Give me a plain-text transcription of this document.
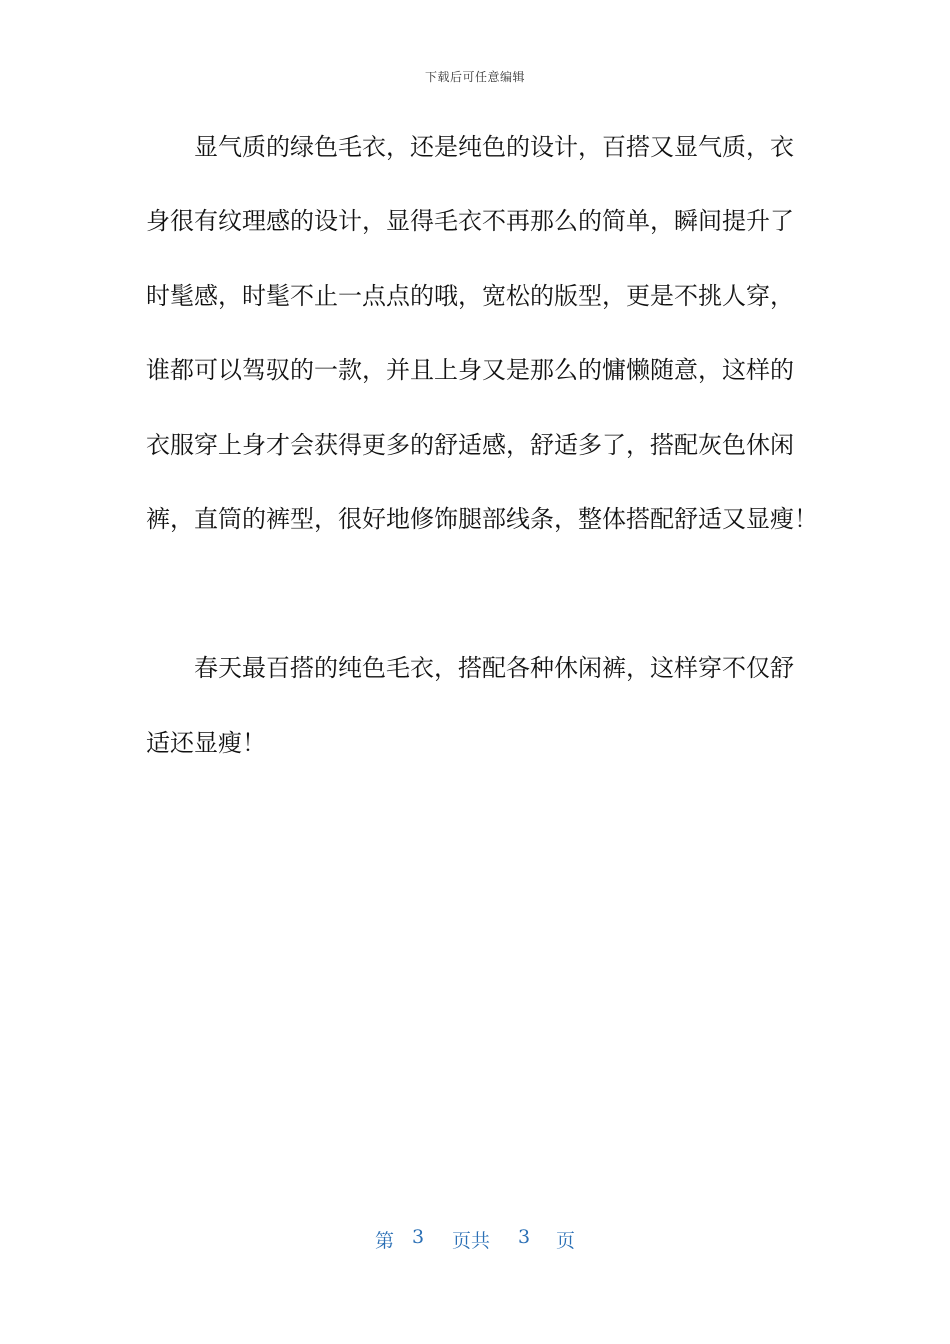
下载后可任意编辑
显气质的绿色毛衣，还是纯色的设计，百搭又显气质，衣
身很有纹理感的设计，显得毛衣不再那么的简单，瞬间提升了
时髦感，时髦不止一点点的哦，宽松的版型，更是不挑人穿，
谁都可以驾驭的一款，并且上身又是那么的慵懒随意，这样的
衣服穿上身才会获得更多的舒适感，舒适多了，搭配灰色休闲
裤，直筒的裤型，很好地修饰腿部线条，整体搭配舒适又显瘦！
春天最百搭的纯色毛衣，搭配各种休闲裤，这样穿不仅舒
适还显瘦！
第 3 页共 3 页
